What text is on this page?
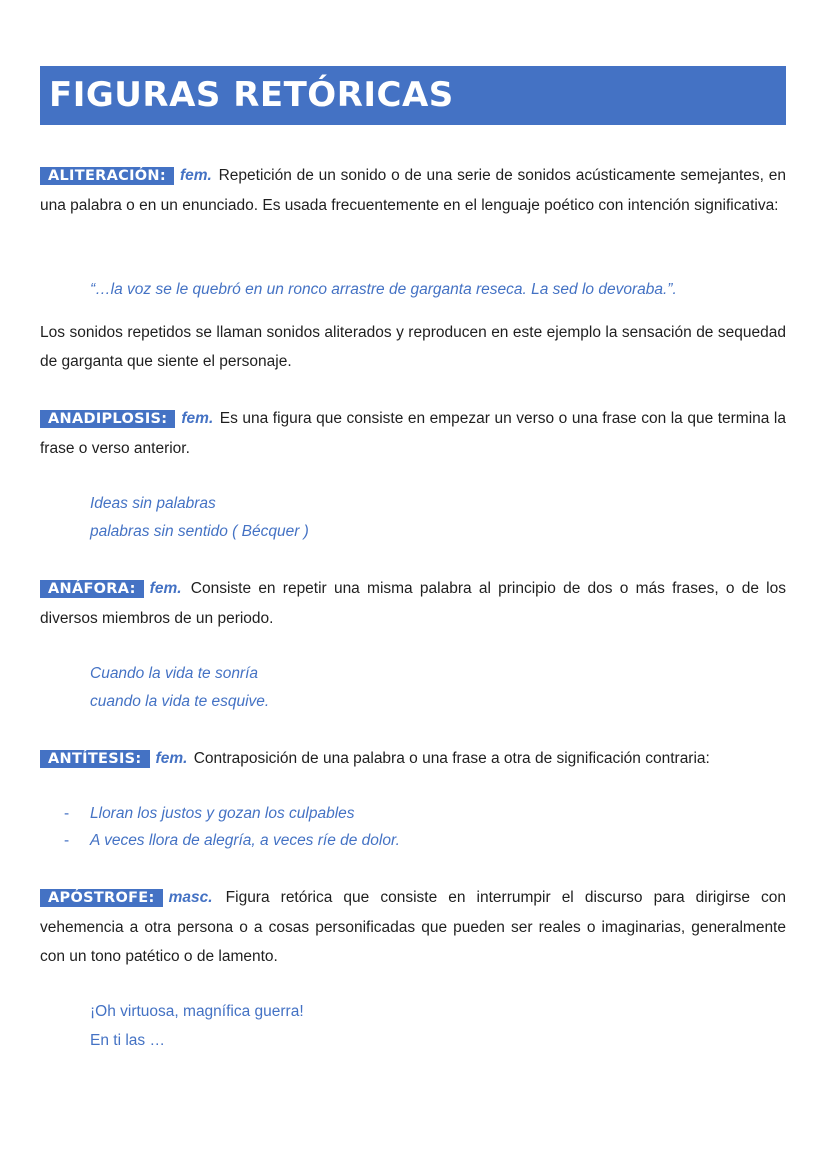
FIGURAS RETÓRICAS

ALITERACIÓN: fem. Repetición de un sonido o de una serie de sonidos acústicamente semejantes, en una palabra o en un enunciado. Es usada frecuentemente en el lenguaje poético con intención significativa:

“…la voz se le quebró en un ronco arrastre de garganta reseca. La sed lo devoraba.”.

Los sonidos repetidos se llaman sonidos aliterados y reproducen en este ejemplo la sensación de sequedad de garganta que siente el personaje.

ANADIPLOSIS: fem. Es una figura que consiste en empezar un verso o una frase con la que termina la frase o verso anterior.

Ideas sin palabras

palabras sin sentido ( Bécquer )

ANÁFORA: fem. Consiste en repetir una misma palabra al principio de dos o más frases, o de los diversos miembros de un periodo.

Cuando la vida te sonría

cuando la vida te esquive.

ANTÍTESIS: fem. Contraposición de una palabra o una frase a otra de significación contraria:

- Lloran los justos y gozan los culpables

- A veces llora de alegría, a veces ríe de dolor.

APÓSTROFE: masc. Figura retórica que consiste en interrumpir el discurso para dirigirse con vehemencia a otra persona o a cosas personificadas que pueden ser reales o imaginarias, generalmente con un tono patético o de lamento.

¡Oh virtuosa, magnífica guerra!

En ti las …
